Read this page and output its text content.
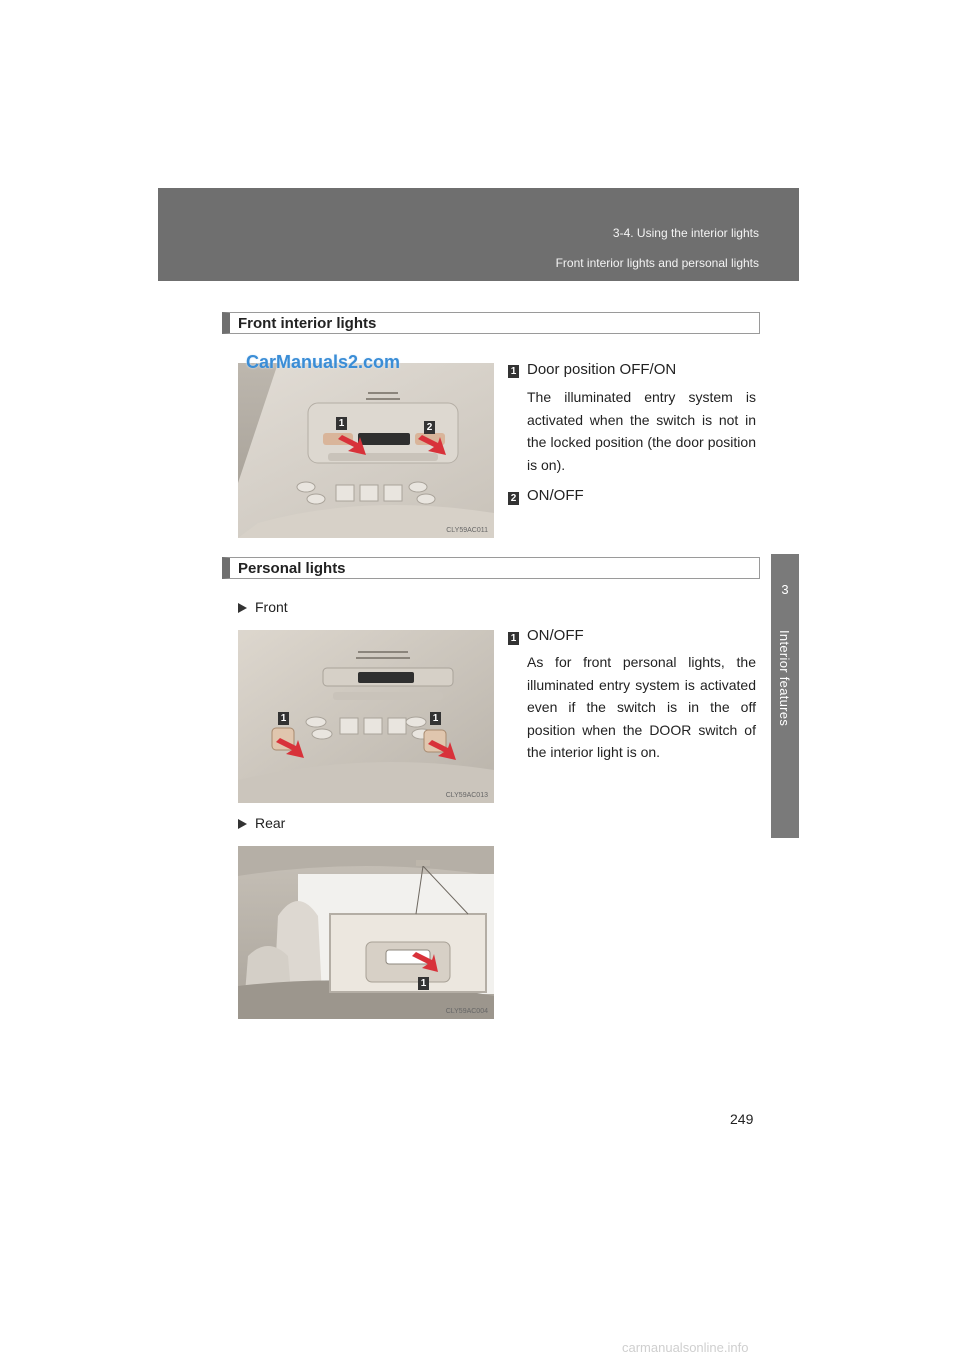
3-4. Using the interior lights
Front interior lights and personal lights
3
Interior features
Front interior lights
1	2
CLY59AC011
CarManuals2.com	1 Door position OFF/ON
The illuminated entry system is activated when the switch is not in the locked position (the door position is on).
2 ON/OFF
Personal lights
Front
1	1
CLY59AC013
1 ON/OFF
As for front personal lights, the illuminated entry system is activated even if the switch is in the off position when the DOOR switch of the interior light is on.
Rear
1
CLY59AC004
249
carmanualsonline.info
